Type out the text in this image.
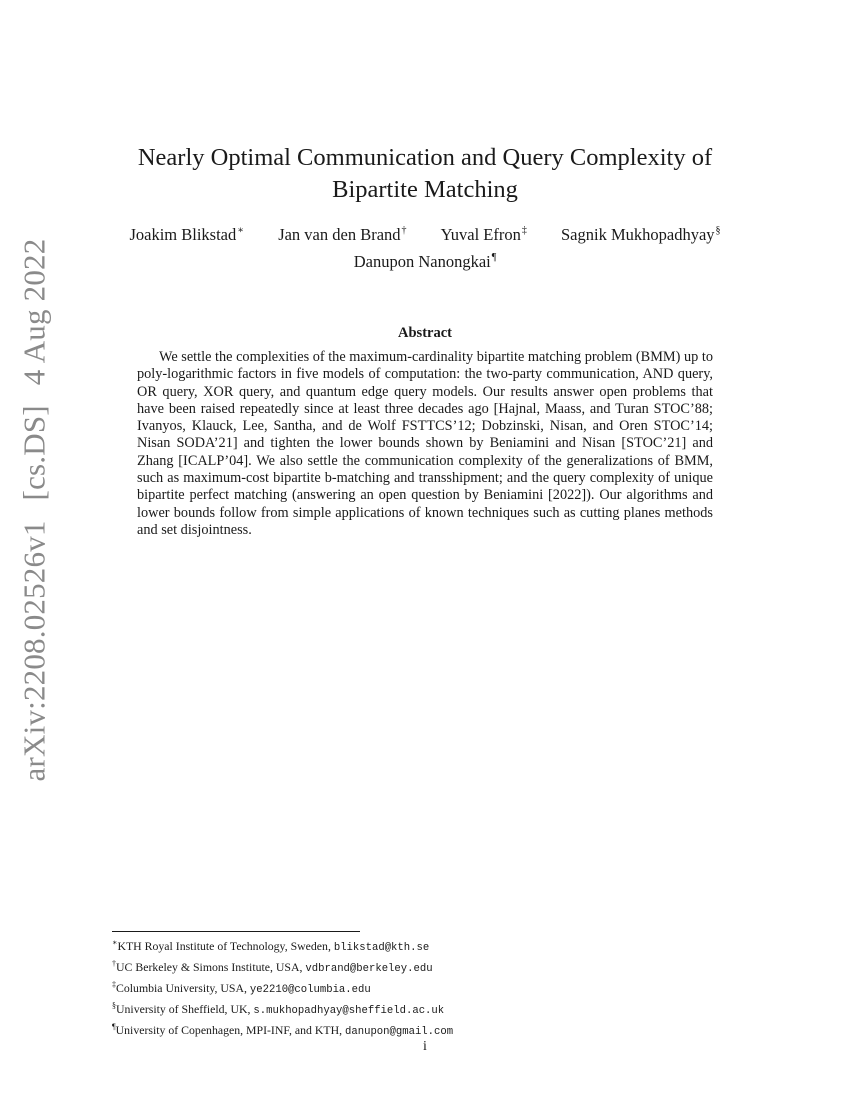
arXiv:2208.02526v1 [cs.DS] 4 Aug 2022
Nearly Optimal Communication and Query Complexity of
Bipartite Matching
Joakim Blikstad∗ Jan van den Brand† Yuval Efron‡ Sagnik Mukhopadhyay§
Danupon Nanongkai¶
Abstract
We settle the complexities of the maximum-cardinality bipartite matching problem (BMM) up to poly-logarithmic factors in five models of computation: the two-party communication, AND query, OR query, XOR query, and quantum edge query models. Our results answer open problems that have been raised repeatedly since at least three decades ago [Hajnal, Maass, and Turan STOC’88; Ivanyos, Klauck, Lee, Santha, and de Wolf FSTTCS’12; Dobzinski, Nisan, and Oren STOC’14; Nisan SODA’21] and tighten the lower bounds shown by Beniamini and Nisan [STOC’21] and Zhang [ICALP’04]. We also settle the communication complexity of the generalizations of BMM, such as maximum-cost bipartite b-matching and transshipment; and the query complexity of unique bipartite perfect matching (answering an open question by Beniamini [2022]). Our algorithms and lower bounds follow from simple applications of known techniques such as cutting planes methods and set disjointness.
∗KTH Royal Institute of Technology, Sweden, blikstad@kth.se
†UC Berkeley & Simons Institute, USA, vdbrand@berkeley.edu
‡Columbia University, USA, ye2210@columbia.edu
§University of Sheffield, UK, s.mukhopadhyay@sheffield.ac.uk
¶University of Copenhagen, MPI-INF, and KTH, danupon@gmail.com
i
